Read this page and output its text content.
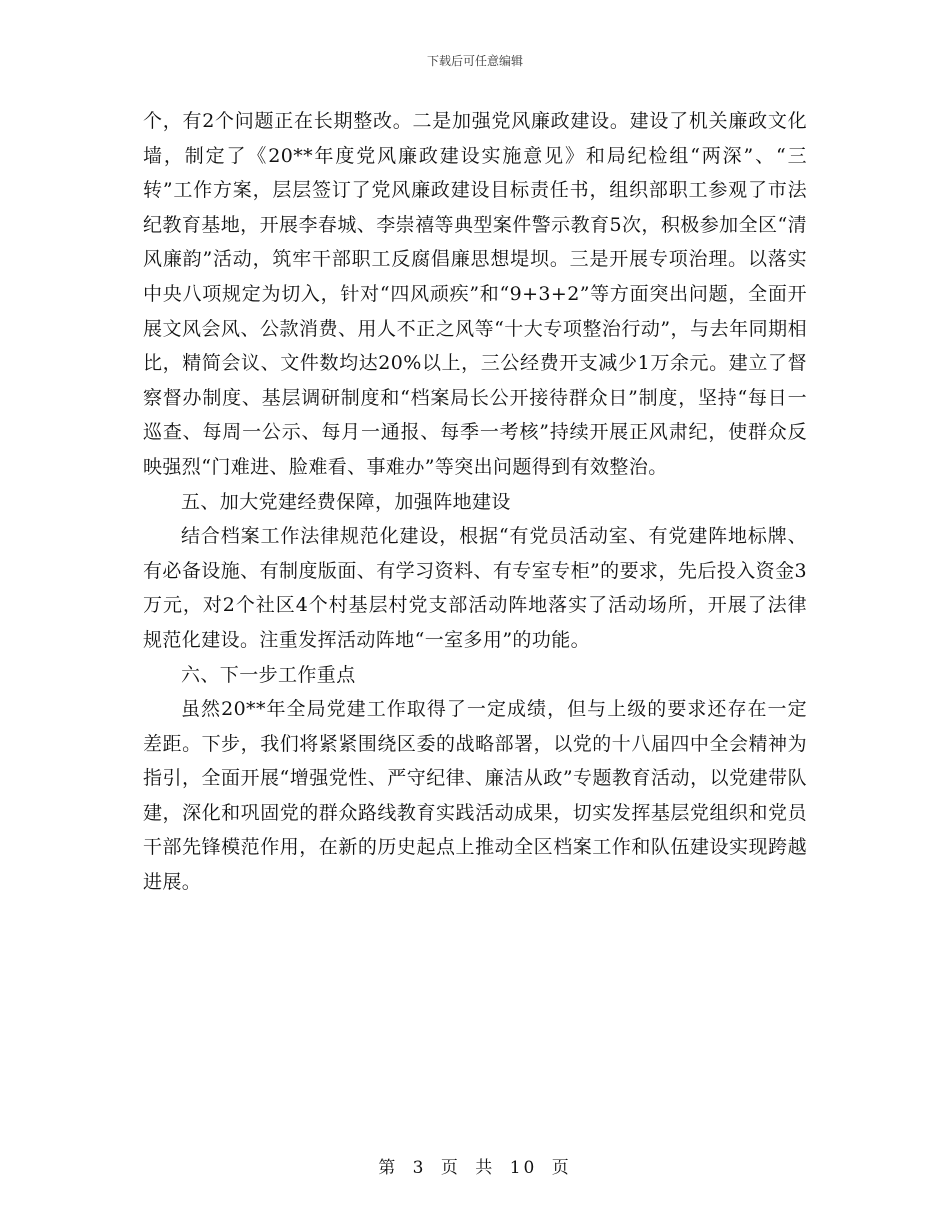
下载后可任意编辑

个，有2个问题正在长期整改。二是加强党风廉政建设。建设了机关廉政文化墙，制定了《20**年度党风廉政建设实施意见》和局纪检组“两深”、“三转”工作方案，层层签订了党风廉政建设目标责任书，组织部职工参观了市法纪教育基地，开展李春城、李崇禧等典型案件警示教育5次，积极参加全区“清风廉韵”活动，筑牢干部职工反腐倡廉思想堤坝。三是开展专项治理。以落实中央八项规定为切入，针对“四风顽疾”和“9+3+2”等方面突出问题，全面开展文风会风、公款消费、用人不正之风等“十大专项整治行动”，与去年同期相比，精简会议、文件数均达20%以上，三公经费开支减少1万余元。建立了督察督办制度、基层调研制度和“档案局长公开接待群众日”制度，坚持“每日一巡查、每周一公示、每月一通报、每季一考核”持续开展正风肃纪，使群众反映强烈“门难进、脸难看、事难办”等突出问题得到有效整治。

五、加大党建经费保障，加强阵地建设

结合档案工作法律规范化建设，根据“有党员活动室、有党建阵地标牌、有必备设施、有制度版面、有学习资料、有专室专柜”的要求，先后投入资金3万元，对2个社区4个村基层村党支部活动阵地落实了活动场所，开展了法律规范化建设。注重发挥活动阵地“一室多用”的功能。

六、下一步工作重点

虽然20**年全局党建工作取得了一定成绩，但与上级的要求还存在一定差距。下步，我们将紧紧围绕区委的战略部署，以党的十八届四中全会精神为指引，全面开展“增强党性、严守纪律、廉洁从政”专题教育活动，以党建带队建，深化和巩固党的群众路线教育实践活动成果，切实发挥基层党组织和党员干部先锋模范作用，在新的历史起点上推动全区档案工作和队伍建设实现跨越进展。

第 3 页 共 10 页
